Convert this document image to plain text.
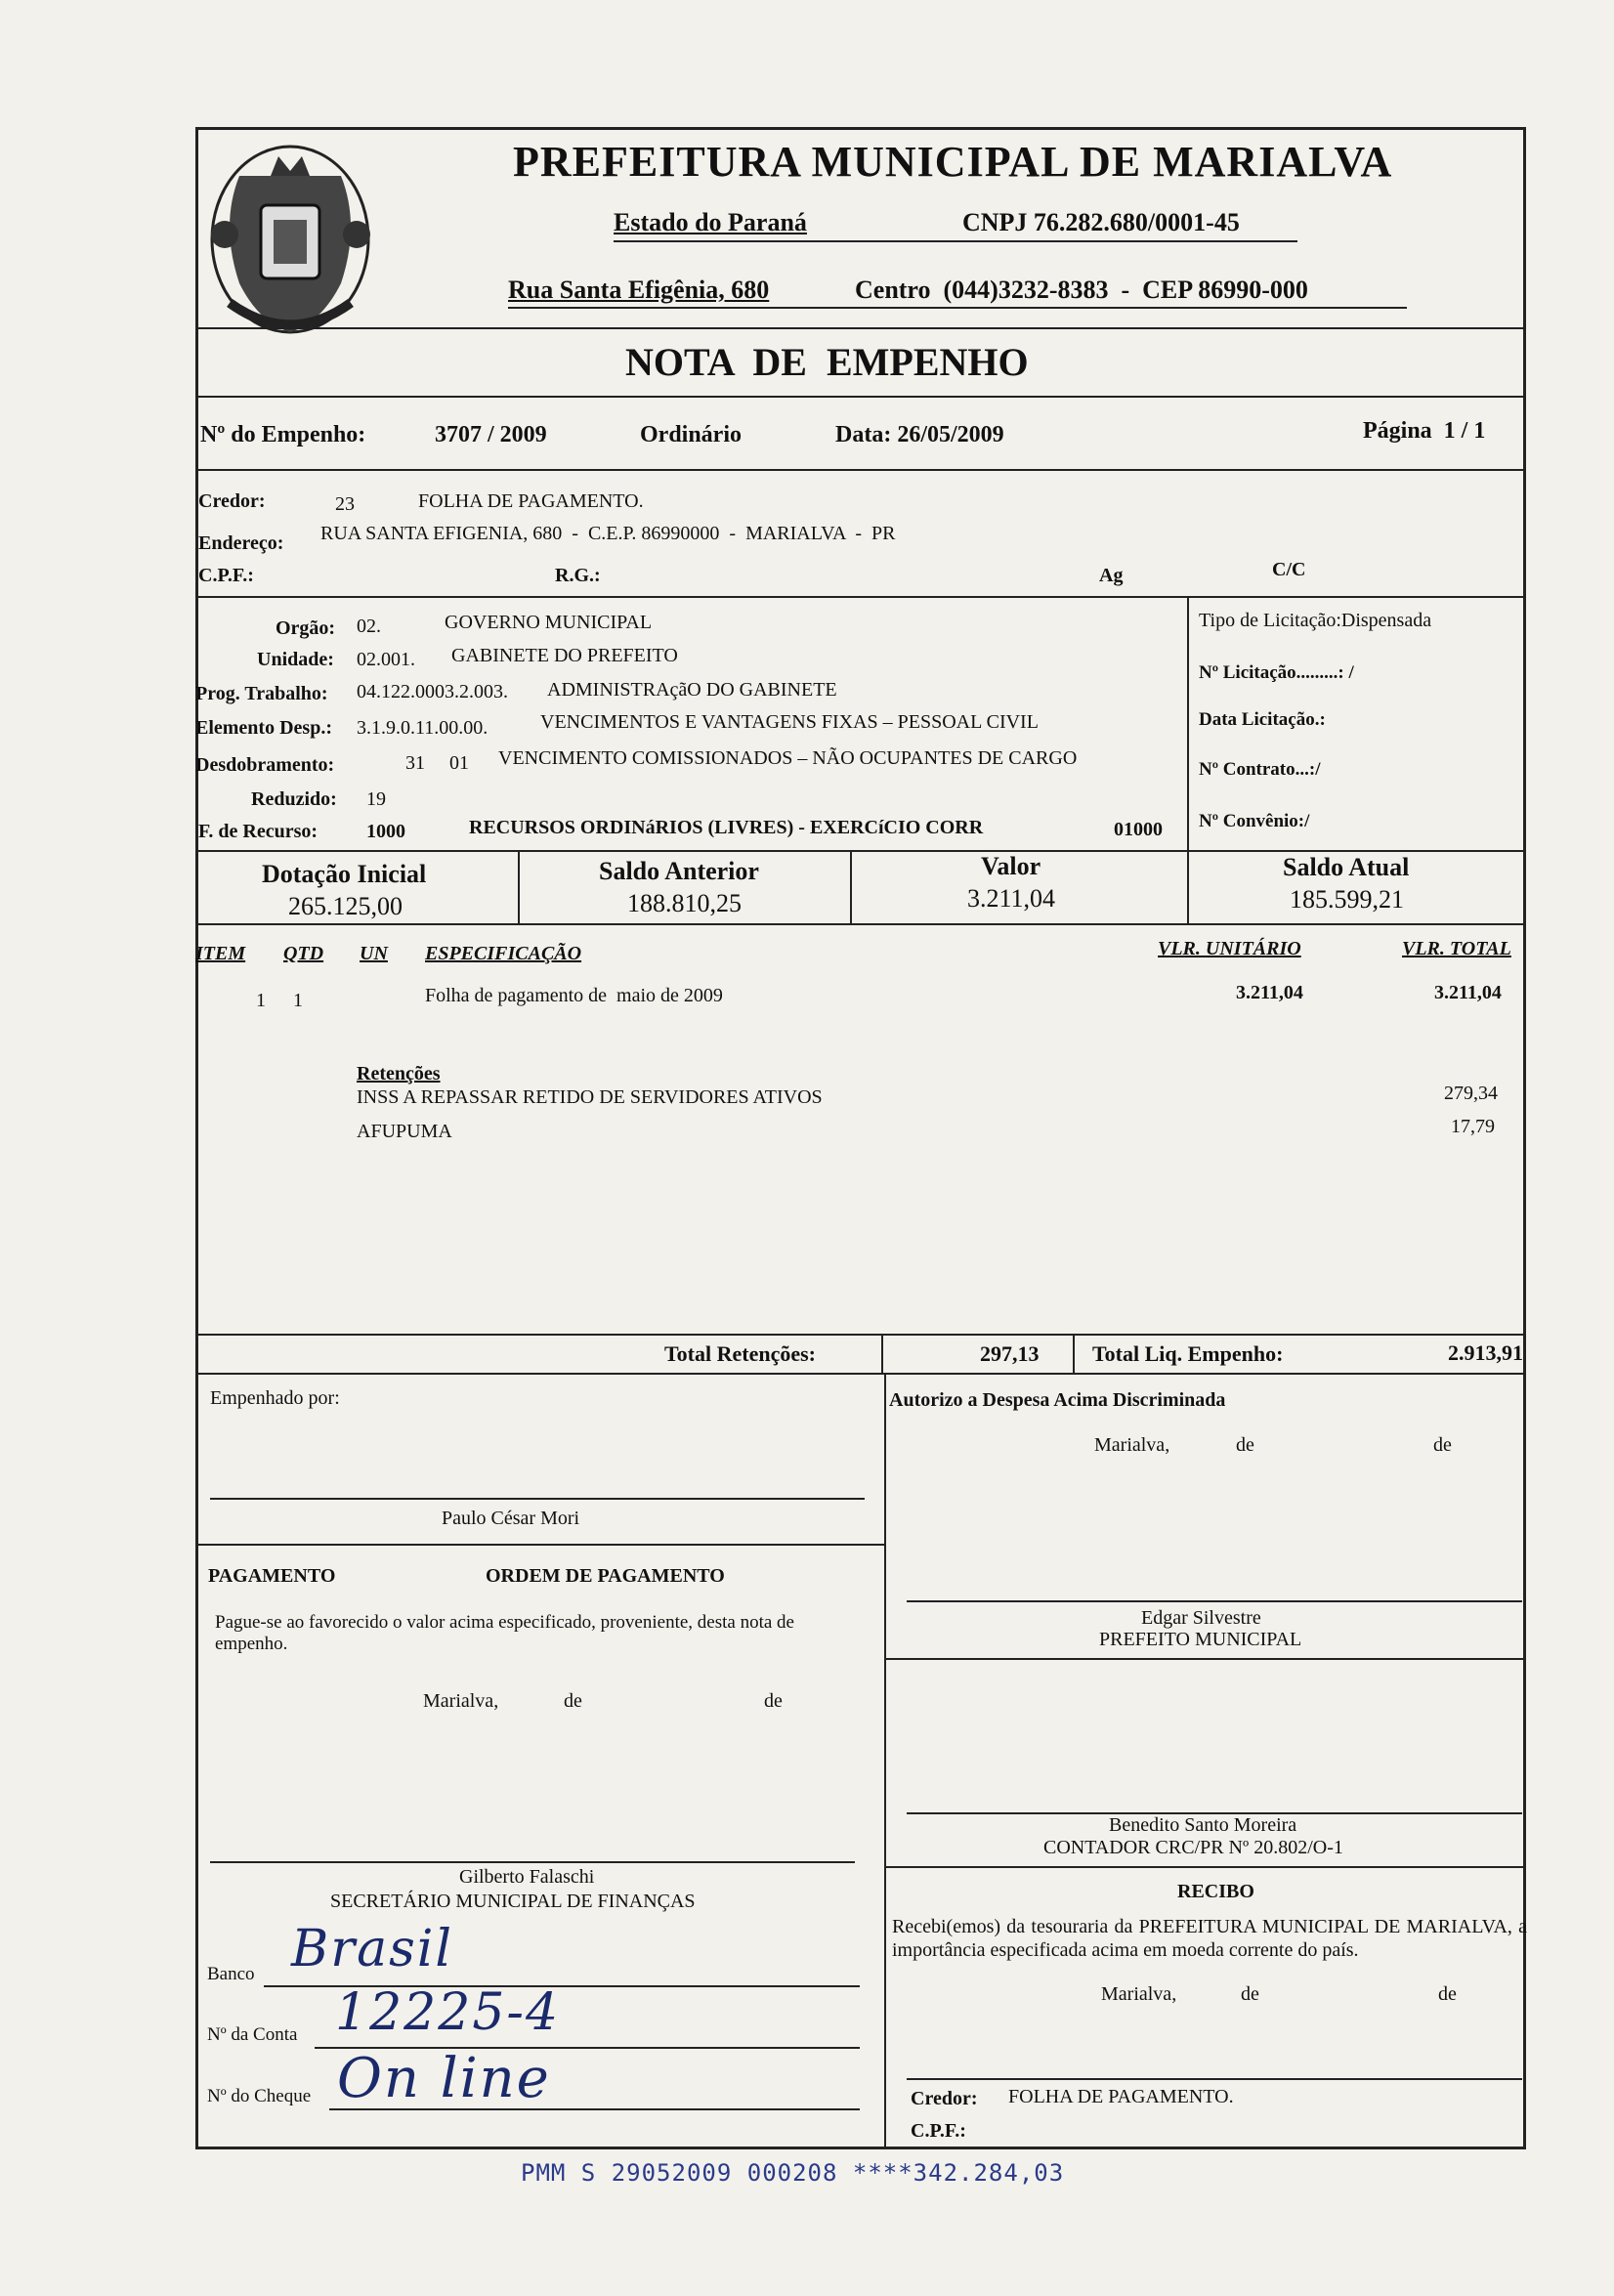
PREFEITURA MUNICIPAL DE MARIALVA
Estado do Paraná	CNPJ 76.282.680/0001-45
Rua Santa Efigênia, 680	Centro  (044)3232-8383  -  CEP 86990-000
NOTA  DE  EMPENHO
Nº do Empenho:	3707 / 2009	Ordinário	Data: 26/05/2009	Página  1 / 1
Credor:	23	FOLHA DE PAGAMENTO.
Endereço: RUA SANTA EFIGENIA, 680  -  C.E.P. 86990000  -  MARIALVA  -  PR
C.P.F.:	R.G.:	Ag	C/C
Orgão: 02.	GOVERNO MUNICIPAL
Unidade: 02.001. GABINETE DO PREFEITO
Prog. Trabalho: 04.122.0003.2.003. ADMINISTRAçãO DO GABINETE
Elemento Desp.: 3.1.9.0.11.00.00.	VENCIMENTOS E VANTAGENS FIXAS – PESSOAL CIVIL
Desdobramento:	31 01 VENCIMENTO COMISSIONADOS – NÃO OCUPANTES DE CARGO
Reduzido: 19
F. de Recurso: 1000	RECURSOS ORDINáRIOS (LIVRES) - EXERCíCIO CORR	01000
Tipo de Licitação:Dispensada
Nº Licitação.........: /
Data Licitação.:
Nº Contrato...:/
Nº Convênio:/
Dotação Inicial
265.125,00
Saldo Anterior
188.810,25
Valor
3.211,04
Saldo Atual
185.599,21
ITEM QTD UN ESPECIFICAÇÃO	VLR. UNITÁRIO	VLR. TOTAL
1 1	Folha de pagamento de  maio de 2009	3.211,04	3.211,04
Retenções
INSS A REPASSAR RETIDO DE SERVIDORES ATIVOS	279,34
AFUPUMA	17,79
Total Retenções:	297,13 Total Liq. Empenho:	2.913,91
Empenhado por:
Paulo César Mori
Autorizo a Despesa Acima Discriminada
Marialva,	de	de
Edgar Silvestre
PREFEITO MUNICIPAL
PAGAMENTO	ORDEM DE PAGAMENTO
Pague-se ao favorecido o valor acima especificado, proveniente, desta nota de empenho.
Marialva,	de	de
Benedito Santo Moreira
CONTADOR CRC/PR Nº 20.802/O-1
Gilberto Falaschi
SECRETÁRIO MUNICIPAL DE FINANÇAS
Banco Brasil
Nº da Conta 12225-4
Nº do Cheque On line
RECIBO
Recebi(emos) da tesouraria da PREFEITURA MUNICIPAL DE MARIALVA, a importância especificada acima em moeda corrente do país.
Marialva,	de	de
Credor: FOLHA DE PAGAMENTO.
C.P.F.:
PMM S 29052009 000208 ****342.284,03
